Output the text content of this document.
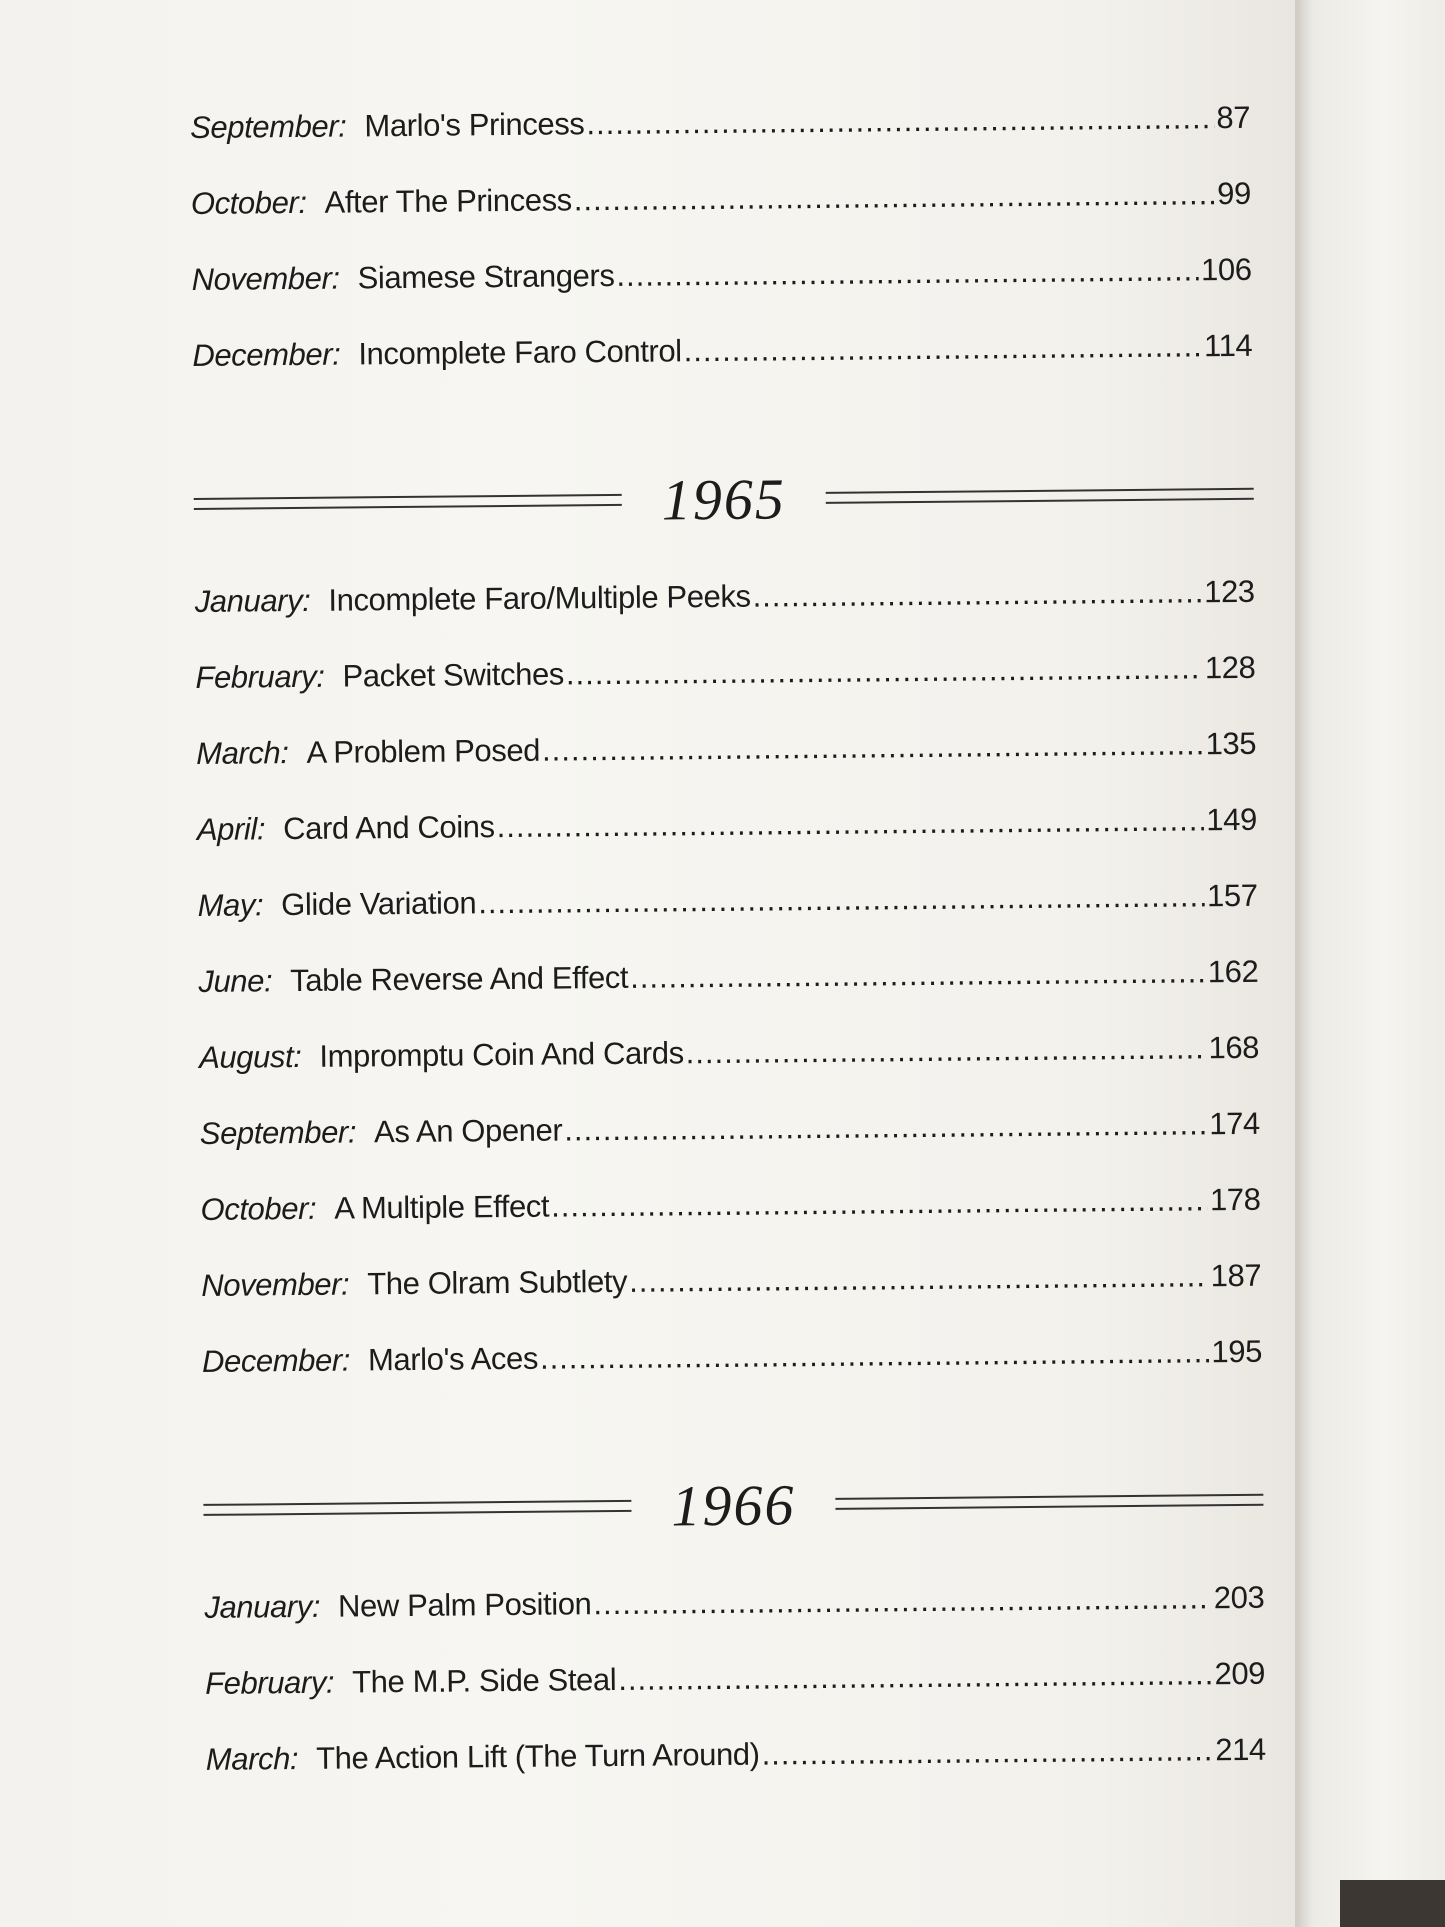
September: Marlo's Princess .....	87
October: After The Princess .....	99
November: Siamese Strangers .....	106
December: Incomplete Faro Control .....	114
1965
January: Incomplete Faro/Multiple Peeks .....	123
February: Packet Switches .....	128
March: A Problem Posed .....	135
April: Card And Coins .....	149
May: Glide Variation .....	157
June: Table Reverse And Effect .....	162
August: Impromptu Coin And Cards .....	168
September: As An Opener .....	174
October: A Multiple Effect .....	178
November: The Olram Subtlety .....	187
December: Marlo's Aces .....	195
1966
January: New Palm Position .....	203
February: The M.P. Side Steal .....	209
March: The Action Lift (The Turn Around) .....	214
